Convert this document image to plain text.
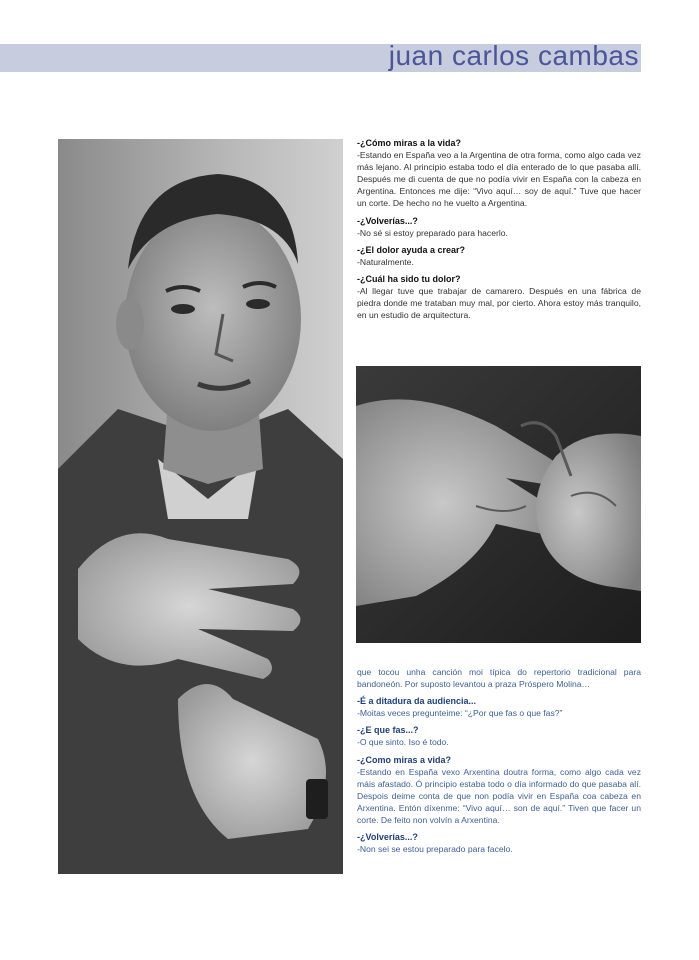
juan carlos cambas

-¿Cómo miras a la vida?

-Estando en España veo a la Argentina de otra forma, como algo cada vez más lejano. Al principio estaba todo el día enterado de lo que pasaba allí. Después me di cuenta de que no podía vivir en España con la cabeza en Argentina. Entonces me dije: “Vivo aquí… soy de aquí.” Tuve que hacer un corte. De hecho no he vuelto a Argentina.

-¿Volverías...?

-No sé si estoy preparado para hacerlo.

-¿El dolor ayuda a crear?

-Naturalmente.

-¿Cuál ha sido tu dolor?

-Al llegar tuve que trabajar de camarero. Después en una fábrica de piedra donde me trataban muy mal, por cierto. Ahora estoy más tranquilo, en un estudio de arquitectura.

que tocou unha canción moi típica do repertorio tradicional para bandoneón. Por suposto levantou a praza Próspero Molina…

-É a ditadura da audiencia...

-Moitas veces pregunteime: “¿Por que fas o que fas?”

-¿E que fas...?

-O que sinto. Iso é todo.

-¿Como miras a vida?

-Estando en España vexo Arxentina doutra forma, como algo cada vez máis afastado. Ó principio estaba todo o día informado do que pasaba alí. Despois deime conta de que non podía vivir en España coa cabeza en Arxentina. Entón díxenme: “Vivo aquí… son de aquí.” Tiven que facer un corte. De feito non volvín a Arxentina.

-¿Volverías...?

-Non sei se estou preparado para facelo.
